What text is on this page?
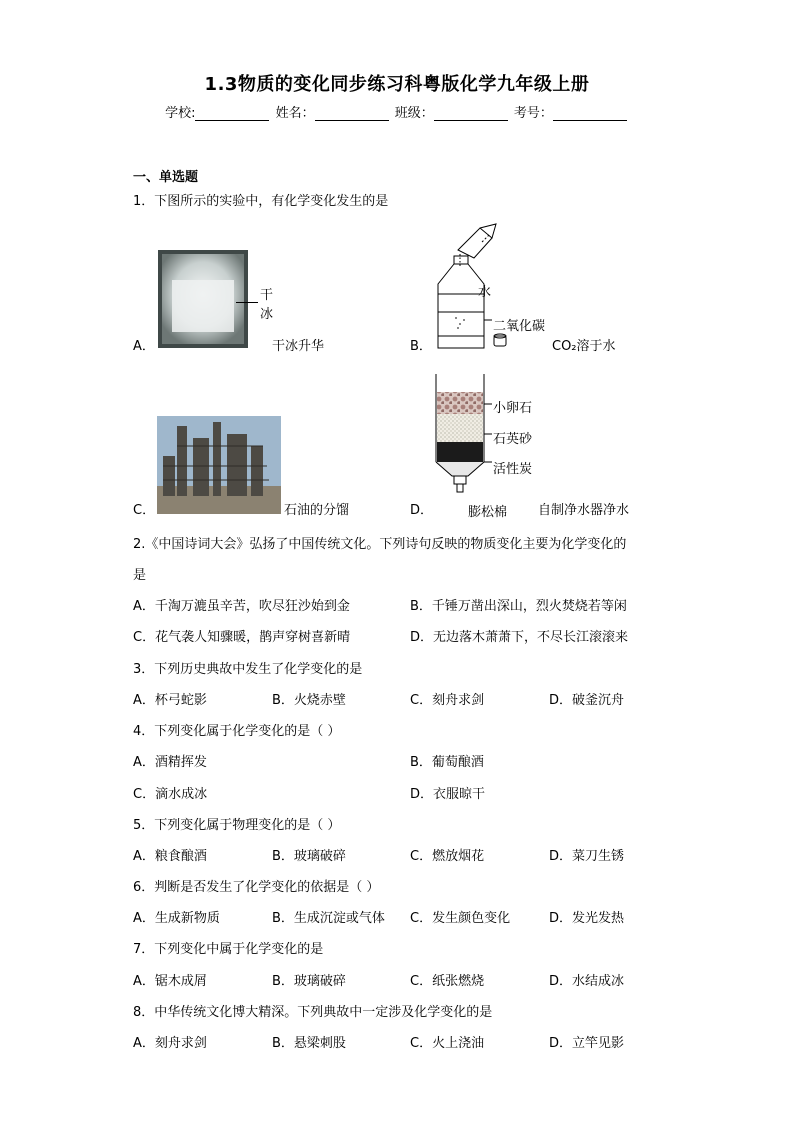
1.3物质的变化同步练习科粤版化学九年级上册
学校:	姓名：	班级：	考号：
一、单选题
1．下图所示的实验中，有化学变化发生的是
A．
干
冰
干冰升华	B．
水
二氧化碳
CO₂溶于水
C．	石油的分馏	D．
小卵石
石英砂
活性炭
膨松棉 自制净水器净水
2.《中国诗词大会》弘扬了中国传统文化。下列诗句反映的物质变化主要为化学变化的
是
A．千淘万漉虽辛苦，吹尽狂沙始到金	B．千锤万凿出深山，烈火焚烧若等闲
C．花气袭人知骤暖，鹊声穿树喜新晴	D．无边落木萧萧下，不尽长江滚滚来
3．下列历史典故中发生了化学变化的是
A．杯弓蛇影	B．火烧赤壁	C．刻舟求剑	D．破釜沉舟
4．下列变化属于化学变化的是（ ）
A．酒精挥发	B．葡萄酿酒
C．滴水成冰	D．衣服晾干
5．下列变化属于物理变化的是（ ）
A．粮食酿酒	B．玻璃破碎	C．燃放烟花	D．菜刀生锈
6．判断是否发生了化学变化的依据是（ ）
A．生成新物质	B．生成沉淀或气体 C．发生颜色变化	D．发光发热
7．下列变化中属于化学变化的是
A．锯木成屑	B．玻璃破碎	C．纸张燃烧	D．水结成冰
8．中华传统文化博大精深。下列典故中一定涉及化学变化的是
A．刻舟求剑	B．悬梁刺股	C．火上浇油	D．立竿见影
